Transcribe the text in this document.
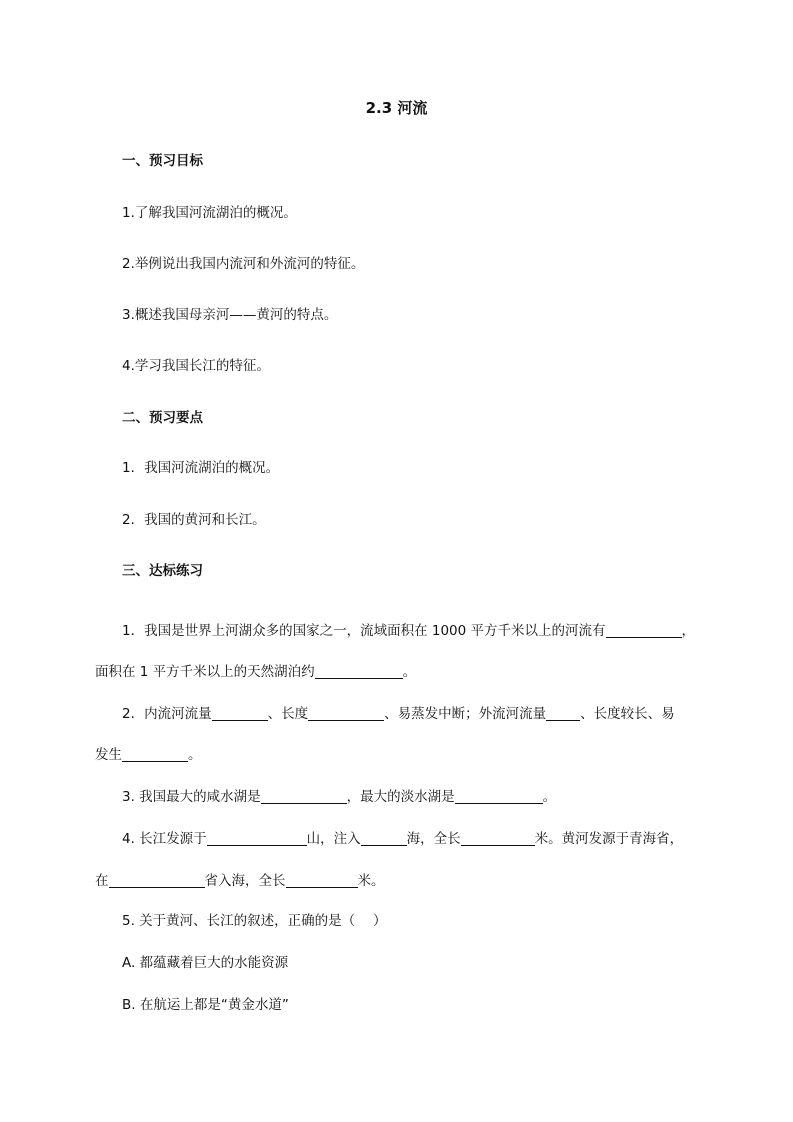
2.3 河流
一、预习目标
1.了解我国河流湖泊的概况。
2.举例说出我国内流河和外流河的特征。
3.概述我国母亲河——黄河的特点。
4.学习我国长江的特征。
二、预习要点
1．我国河流湖泊的概况。
2．我国的黄河和长江。
三、达标练习
1．我国是世界上河湖众多的国家之一，流域面积在 1000 平方千米以上的河流有	，
面积在 1 平方千米以上的天然湖泊约	。
2．内流河流量	、长度	、易蒸发中断；外流河流量	、长度较长、易
发生	。
3. 我国最大的咸水湖是	，最大的淡水湖是	。
4. 长江发源于	山，注入	海，全长	米。黄河发源于青海省，
在	省入海，全长	米。
5. 关于黄河、长江的叙述，正确的是（　 ）
A. 都蕴藏着巨大的水能资源
B. 在航运上都是“黄金水道”
